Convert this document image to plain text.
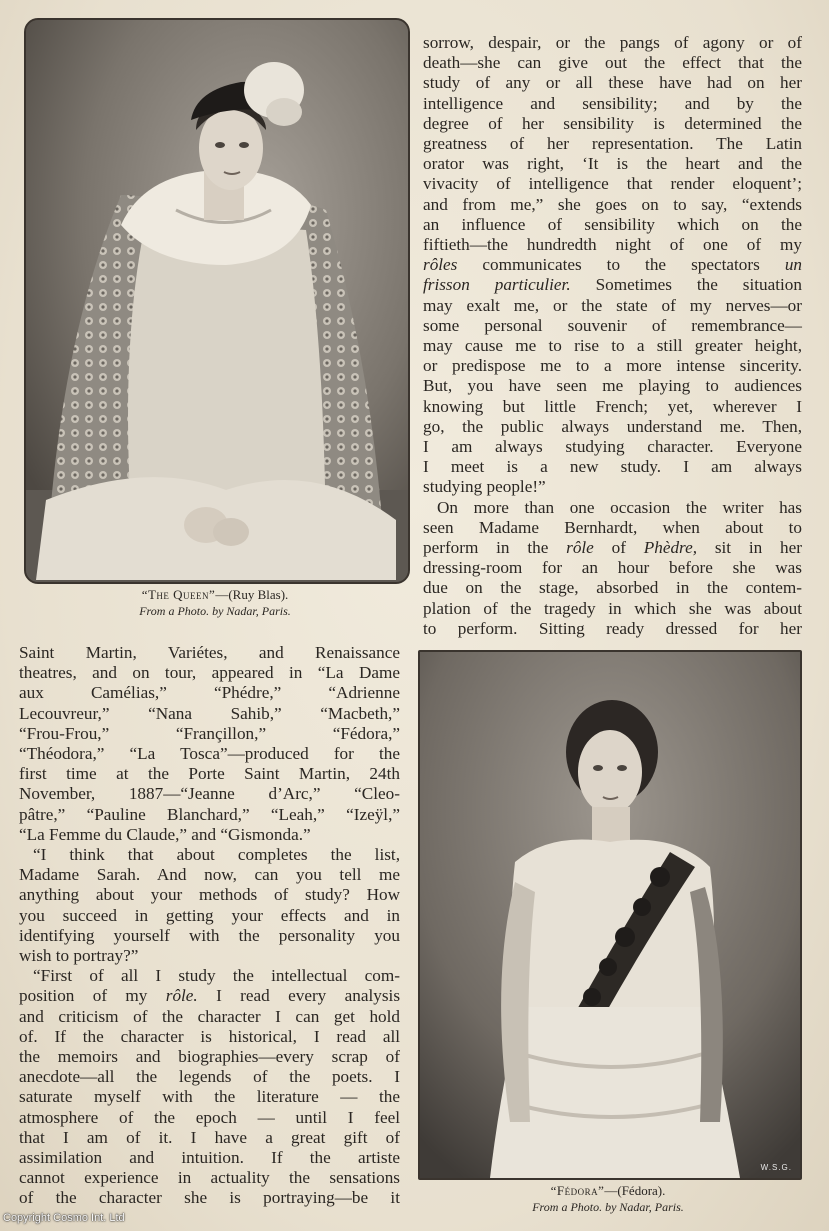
“The Queen”—(Ruy Blas).
From a Photo. by Nadar, Paris.
sorrow, despair, or the pangs of agony or of
death—she can give out the effect that the
study of any or all these have had on her
intelligence and sensibility; and by the
degree of her sensibility is determined the
greatness of her representation. The Latin
orator was right, ‘It is the heart and the
vivacity of intelligence that render eloquent’;
and from me,” she goes on to say, “extends
an influence of sensibility which on the
fiftieth—the hundredth night of one of my
rôles communicates to the spectators un
frisson particulier. Sometimes the situation
may exalt me, or the state of my nerves—or
some personal souvenir of remembrance—
may cause me to rise to a still greater height,
or predispose me to a more intense sincerity.
But, you have seen me playing to audiences
knowing but little French; yet, wherever I
go, the public always understand me. Then,
I am always studying character. Everyone
I meet is a new study. I am always
studying people!”
On more than one occasion the writer has
seen Madame Bernhardt, when about to
perform in the rôle of Phèdre, sit in her
dressing-room for an hour before she was
due on the stage, absorbed in the contem-
plation of the tragedy in which she was about
to perform. Sitting ready dressed for her
Saint Martin, Variétes, and Renaissance
theatres, and on tour, appeared in “La Dame
aux Camélias,” “Phédre,” “Adrienne
Lecouvreur,” “Nana Sahib,” “Macbeth,”
“Frou-Frou,” “Françillon,” “Fédora,”
“Théodora,” “La Tosca”—produced for the
first time at the Porte Saint Martin, 24th
November, 1887—“Jeanne d’Arc,” “Cleo-
pâtre,” “Pauline Blanchard,” “Leah,” “Izeÿl,”
“La Femme du Claude,” and “Gismonda.”
“I think that about completes the list,
Madame Sarah. And now, can you tell me
anything about your methods of study? How
you succeed in getting your effects and in
identifying yourself with the personality you
wish to portray?”
“First of all I study the intellectual com-
position of my rôle. I read every analysis
and criticism of the character I can get hold
of. If the character is historical, I read all
the memoirs and biographies—every scrap of
anecdote—all the legends of the poets. I
saturate myself with the literature — the
atmosphere of the epoch — until I feel
that I am of it. I have a great gift of
assimilation and intuition. If the artiste
cannot experience in actuality the sensations
of the character she is portraying—be it
W.S.G.
“Fédora”—(Fédora).
From a Photo. by Nadar, Paris.
Copyright Cosmo Int. Ltd
